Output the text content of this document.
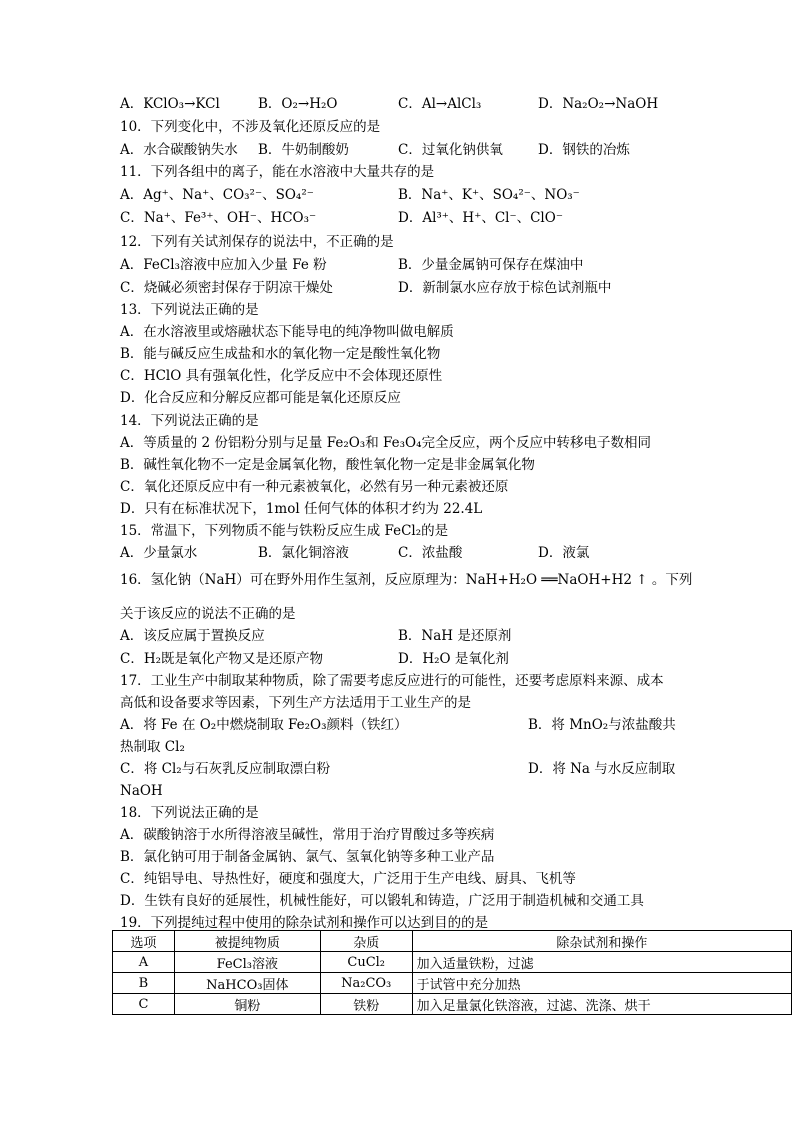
A．KClO₃→KCl	B．O₂→H₂O	C．Al→AlCl₃	D．Na₂O₂→NaOH
10．下列变化中，不涉及氧化还原反应的是
A．水合碳酸钠失水 B．牛奶制酸奶	C．过氧化钠供氧	D．钢铁的冶炼
11．下列各组中的离子，能在水溶液中大量共存的是
A．Ag⁺、Na⁺、CO₃²⁻、SO₄²⁻	B．Na⁺、K⁺、SO₄²⁻、NO₃⁻
C．Na⁺、Fe³⁺、OH⁻、HCO₃⁻	D．Al³⁺、H⁺、Cl⁻、ClO⁻
12．下列有关试剂保存的说法中，不正确的是
A．FeCl₃溶液中应加入少量 Fe 粉	B．少量金属钠可保存在煤油中
C．烧碱必须密封保存于阴凉干燥处	D．新制氯水应存放于棕色试剂瓶中
13．下列说法正确的是
A．在水溶液里或熔融状态下能导电的纯净物叫做电解质
B．能与碱反应生成盐和水的氧化物一定是酸性氧化物
C．HClO 具有强氧化性，化学反应中不会体现还原性
D．化合反应和分解反应都可能是氧化还原反应
14．下列说法正确的是
A．等质量的 2 份铝粉分别与足量 Fe₂O₃和 Fe₃O₄完全反应，两个反应中转移电子数相同
B．碱性氧化物不一定是金属氧化物，酸性氧化物一定是非金属氧化物
C．氧化还原反应中有一种元素被氧化，必然有另一种元素被还原
D．只有在标准状况下，1mol 任何气体的体积才约为 22.4L
15．常温下，下列物质不能与铁粉反应生成 FeCl₂的是
A．少量氯水	B．氯化铜溶液	C．浓盐酸	D．液氯
16．氢化钠（NaH）可在野外用作生氢剂，反应原理为：NaH+H₂O ══NaOH+H2 ↑ 。下列
关于该反应的说法不正确的是
A．该反应属于置换反应	B．NaH 是还原剂
C．H₂既是氧化产物又是还原产物	D．H₂O 是氧化剂
17．工业生产中制取某种物质，除了需要考虑反应进行的可能性，还要考虑原料来源、成本
高低和设备要求等因素，下列生产方法适用于工业生产的是
A．将 Fe 在 O₂中燃烧制取 Fe₂O₃颜料（铁红）	B．将 MnO₂与浓盐酸共
热制取 Cl₂
C．将 Cl₂与石灰乳反应制取漂白粉	D．将 Na 与水反应制取
NaOH
18．下列说法正确的是
A．碳酸钠溶于水所得溶液呈碱性，常用于治疗胃酸过多等疾病
B．氯化钠可用于制备金属钠、氯气、氢氧化钠等多种工业产品
C．纯铝导电、导热性好，硬度和强度大，广泛用于生产电线、厨具、飞机等
D．生铁有良好的延展性，机械性能好，可以锻轧和铸造，广泛用于制造机械和交通工具
19．下列提纯过程中使用的除杂试剂和操作可以达到目的的是
选项	被提纯物质	杂质	除杂试剂和操作
A	FeCl₃溶液	CuCl₂	加入适量铁粉，过滤
B	NaHCO₃固体	Na₂CO₃	于试管中充分加热
C	铜粉	铁粉	加入足量氯化铁溶液，过滤、洗涤、烘干
